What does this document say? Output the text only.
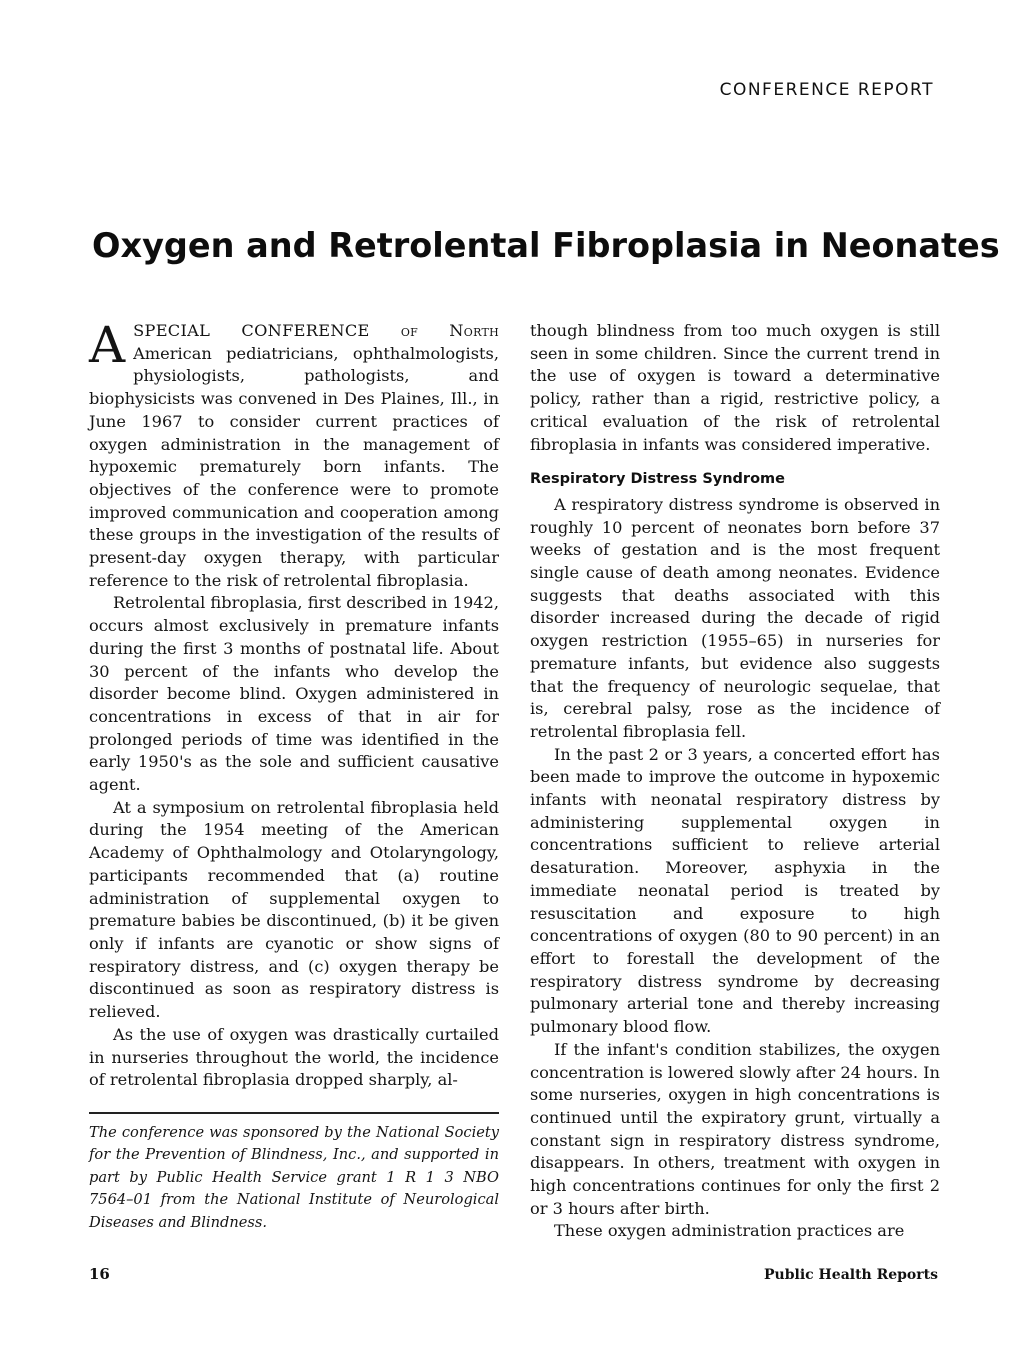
CONFERENCE REPORT
Oxygen and Retrolental Fibroplasia in Neonates

ASPECIAL CONFERENCE of North American pediatricians, ophthalmologists, physiologists, pathologists, and biophysicists was convened in Des Plaines, Ill., in June 1967 to consider current practices of oxygen administration in the management of hypoxemic prematurely born infants. The objectives of the conference were to promote improved communication and cooperation among these groups in the investigation of the results of present-day oxygen therapy, with particular reference to the risk of retrolental fibroplasia.

Retrolental fibroplasia, first described in 1942, occurs almost exclusively in premature infants during the first 3 months of postnatal life. About 30 percent of the infants who develop the disorder become blind. Oxygen administered in concentrations in excess of that in air for prolonged periods of time was identified in the early 1950's as the sole and sufficient causative agent.

At a symposium on retrolental fibroplasia held during the 1954 meeting of the American Academy of Ophthalmology and Otolaryngology, participants recommended that (a) routine administration of supplemental oxygen to premature babies be discontinued, (b) it be given only if infants are cyanotic or show signs of respiratory distress, and (c) oxygen therapy be discontinued as soon as respiratory distress is relieved.

As the use of oxygen was drastically curtailed in nurseries throughout the world, the incidence of retrolental fibroplasia dropped sharply, al-

The conference was sponsored by the National Society for the Prevention of Blindness, Inc., and supported in part by Public Health Service grant 1 R 1 3 NBO 7564–01 from the National Institute of Neurological Diseases and Blindness.

though blindness from too much oxygen is still seen in some children. Since the current trend in the use of oxygen is toward a determinative policy, rather than a rigid, restrictive policy, a critical evaluation of the risk of retrolental fibroplasia in infants was considered imperative.

Respiratory Distress Syndrome

A respiratory distress syndrome is observed in roughly 10 percent of neonates born before 37 weeks of gestation and is the most frequent single cause of death among neonates. Evidence suggests that deaths associated with this disorder increased during the decade of rigid oxygen restriction (1955–65) in nurseries for premature infants, but evidence also suggests that the frequency of neurologic sequelae, that is, cerebral palsy, rose as the incidence of retrolental fibroplasia fell.

In the past 2 or 3 years, a concerted effort has been made to improve the outcome in hypoxemic infants with neonatal respiratory distress by administering supplemental oxygen in concentrations sufficient to relieve arterial desaturation. Moreover, asphyxia in the immediate neonatal period is treated by resuscitation and exposure to high concentrations of oxygen (80 to 90 percent) in an effort to forestall the development of the respiratory distress syndrome by decreasing pulmonary arterial tone and thereby increasing pulmonary blood flow.

If the infant's condition stabilizes, the oxygen concentration is lowered slowly after 24 hours. In some nurseries, oxygen in high concentrations is continued until the expiratory grunt, virtually a constant sign in respiratory distress syndrome, disappears. In others, treatment with oxygen in high concentrations continues for only the first 2 or 3 hours after birth.

These oxygen administration practices are

16	Public Health Reports
